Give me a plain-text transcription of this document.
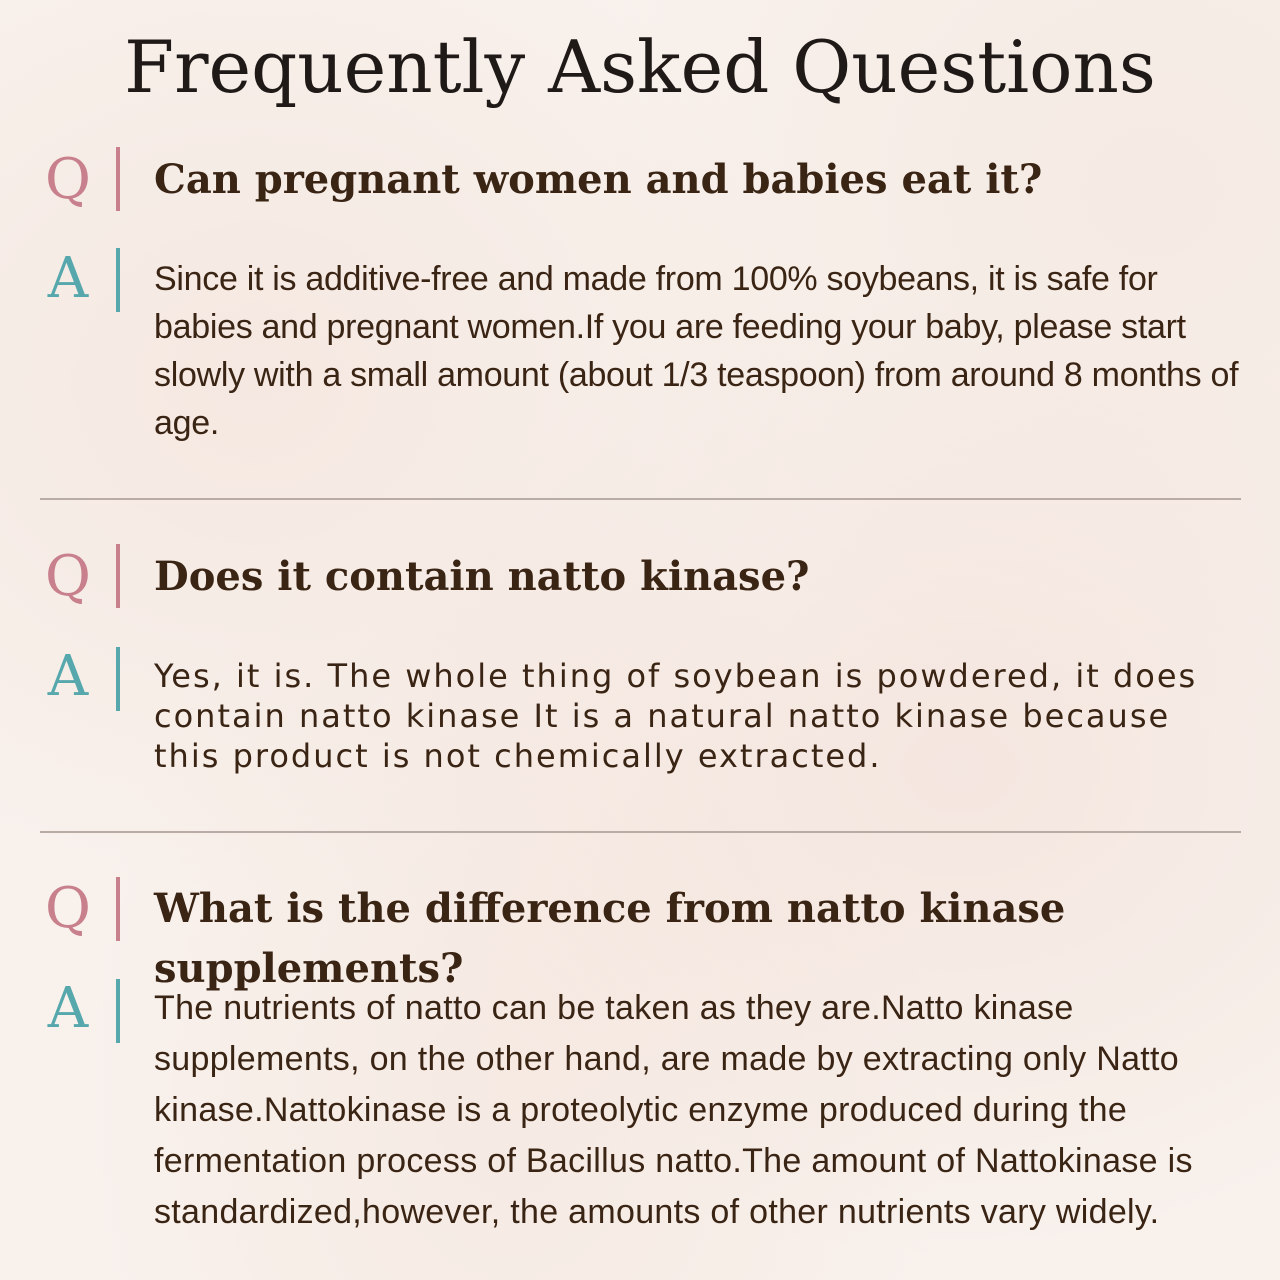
Frequently Asked Questions
Q Can pregnant women and babies eat it?
A Since it is additive-free and made from 100% soybeans, it is safe for babies and pregnant women.If you are feeding your baby, please start slowly with a small amount (about 1/3 teaspoon) from around 8 months of age.
Q Does it contain natto kinase?
A Yes, it is. The whole thing of soybean is powdered, it does contain natto kinase It is a natural natto kinase because this product is not chemically extracted.
Q What is the difference from natto kinase supplements?
A The nutrients of natto can be taken as they are.Natto kinase supplements, on the other hand, are made by extracting only Natto kinase.Nattokinase is a proteolytic enzyme produced during the fermentation process of Bacillus natto.The amount of Nattokinase is standardized,however, the amounts of other nutrients vary widely.
